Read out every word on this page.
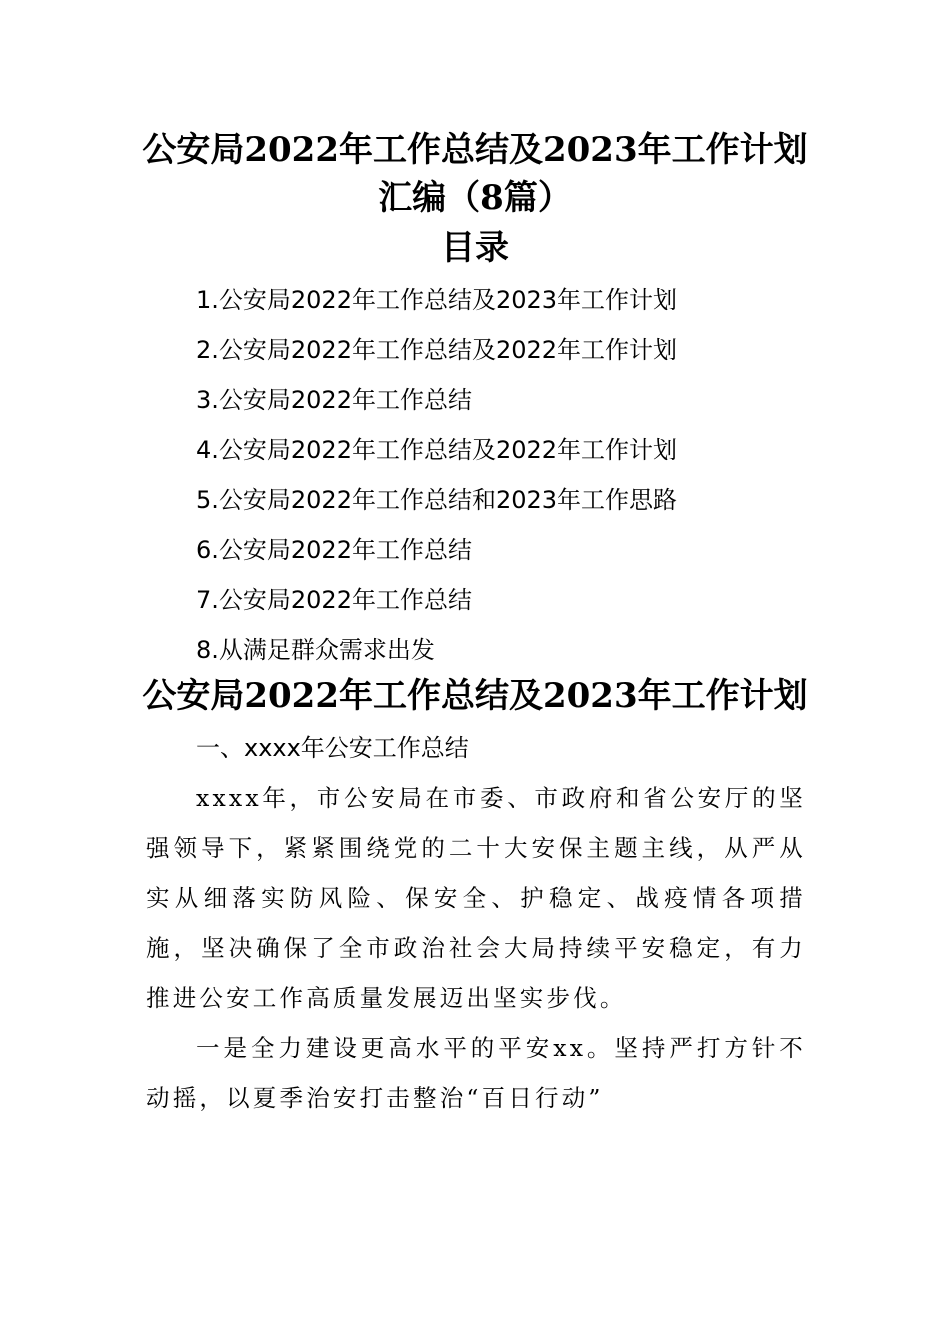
公安局2022年工作总结及2023年工作计划
汇编（8篇）
目录
1.公安局2022年工作总结及2023年工作计划
2.公安局2022年工作总结及2022年工作计划
3.公安局2022年工作总结
4.公安局2022年工作总结及2022年工作计划
5.公安局2022年工作总结和2023年工作思路
6.公安局2022年工作总结
7.公安局2022年工作总结
8.从满足群众需求出发
公安局2022年工作总结及2023年工作计划
一、xxxx年公安工作总结

xxxx年，市公安局在市委、市政府和省公安厅的坚强领导下，紧紧围绕党的二十大安保主题主线，从严从实从细落实防风险、保安全、护稳定、战疫情各项措施，坚决确保了全市政治社会大局持续平安稳定，有力推进公安工作高质量发展迈出坚实步伐。

一是全力建设更高水平的平安xx。坚持严打方针不动摇，以夏季治安打击整治“百日行动”
